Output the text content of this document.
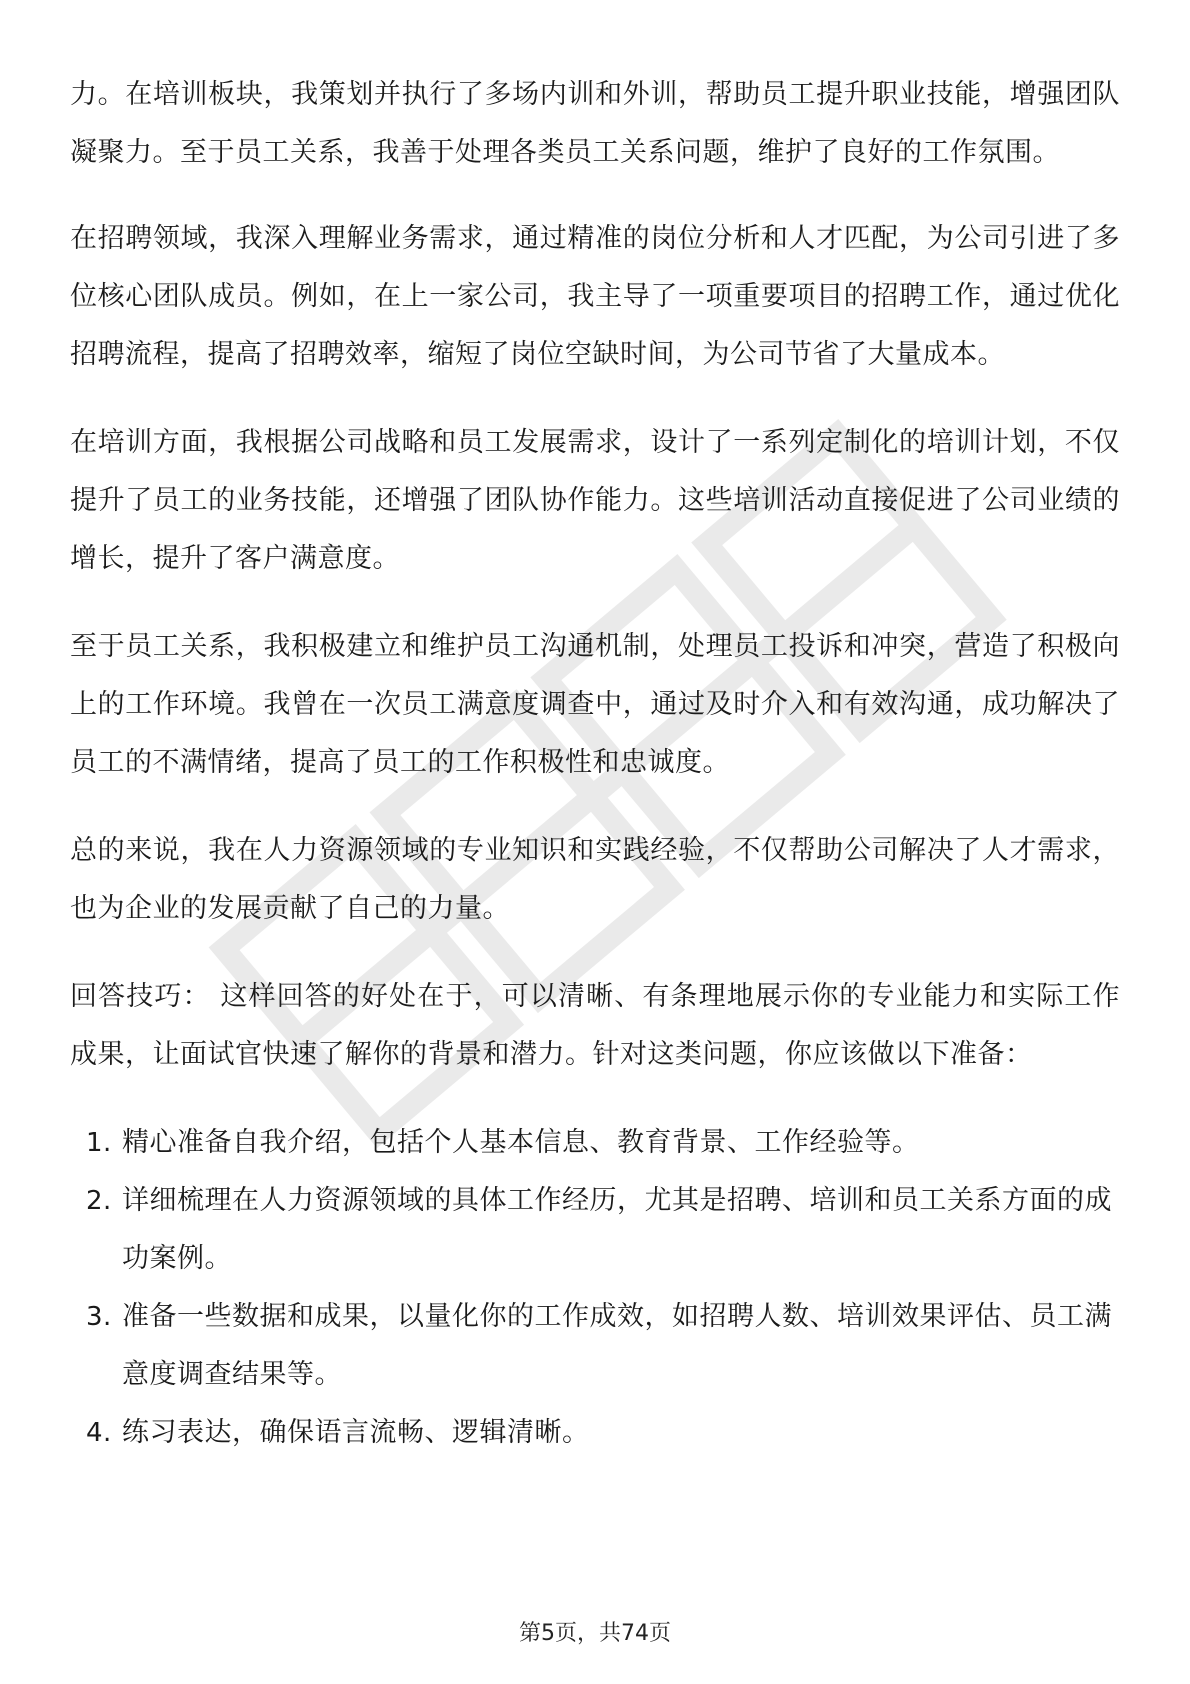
力。在培训板块，我策划并执行了多场内训和外训，帮助员工提升职业技能，增强团队凝聚力。至于员工关系，我善于处理各类员工关系问题，维护了良好的工作氛围。

在招聘领域，我深入理解业务需求，通过精准的岗位分析和人才匹配，为公司引进了多位核心团队成员。例如，在上一家公司，我主导了一项重要项目的招聘工作，通过优化招聘流程，提高了招聘效率，缩短了岗位空缺时间，为公司节省了大量成本。

在培训方面，我根据公司战略和员工发展需求，设计了一系列定制化的培训计划，不仅提升了员工的业务技能，还增强了团队协作能力。这些培训活动直接促进了公司业绩的增长，提升了客户满意度。

至于员工关系，我积极建立和维护员工沟通机制，处理员工投诉和冲突，营造了积极向上的工作环境。我曾在一次员工满意度调查中，通过及时介入和有效沟通，成功解决了员工的不满情绪，提高了员工的工作积极性和忠诚度。

总的来说，我在人力资源领域的专业知识和实践经验，不仅帮助公司解决了人才需求，也为企业的发展贡献了自己的力量。

回答技巧： 这样回答的好处在于，可以清晰、有条理地展示你的专业能力和实际工作成果，让面试官快速了解你的背景和潜力。针对这类问题，你应该做以下准备：

1. 精心准备自我介绍，包括个人基本信息、教育背景、工作经验等。
2. 详细梳理在人力资源领域的具体工作经历，尤其是招聘、培训和员工关系方面的成功案例。
3. 准备一些数据和成果，以量化你的工作成效，如招聘人数、培训效果评估、员工满意度调查结果等。
4. 练习表达，确保语言流畅、逻辑清晰。
第5页，共74页
